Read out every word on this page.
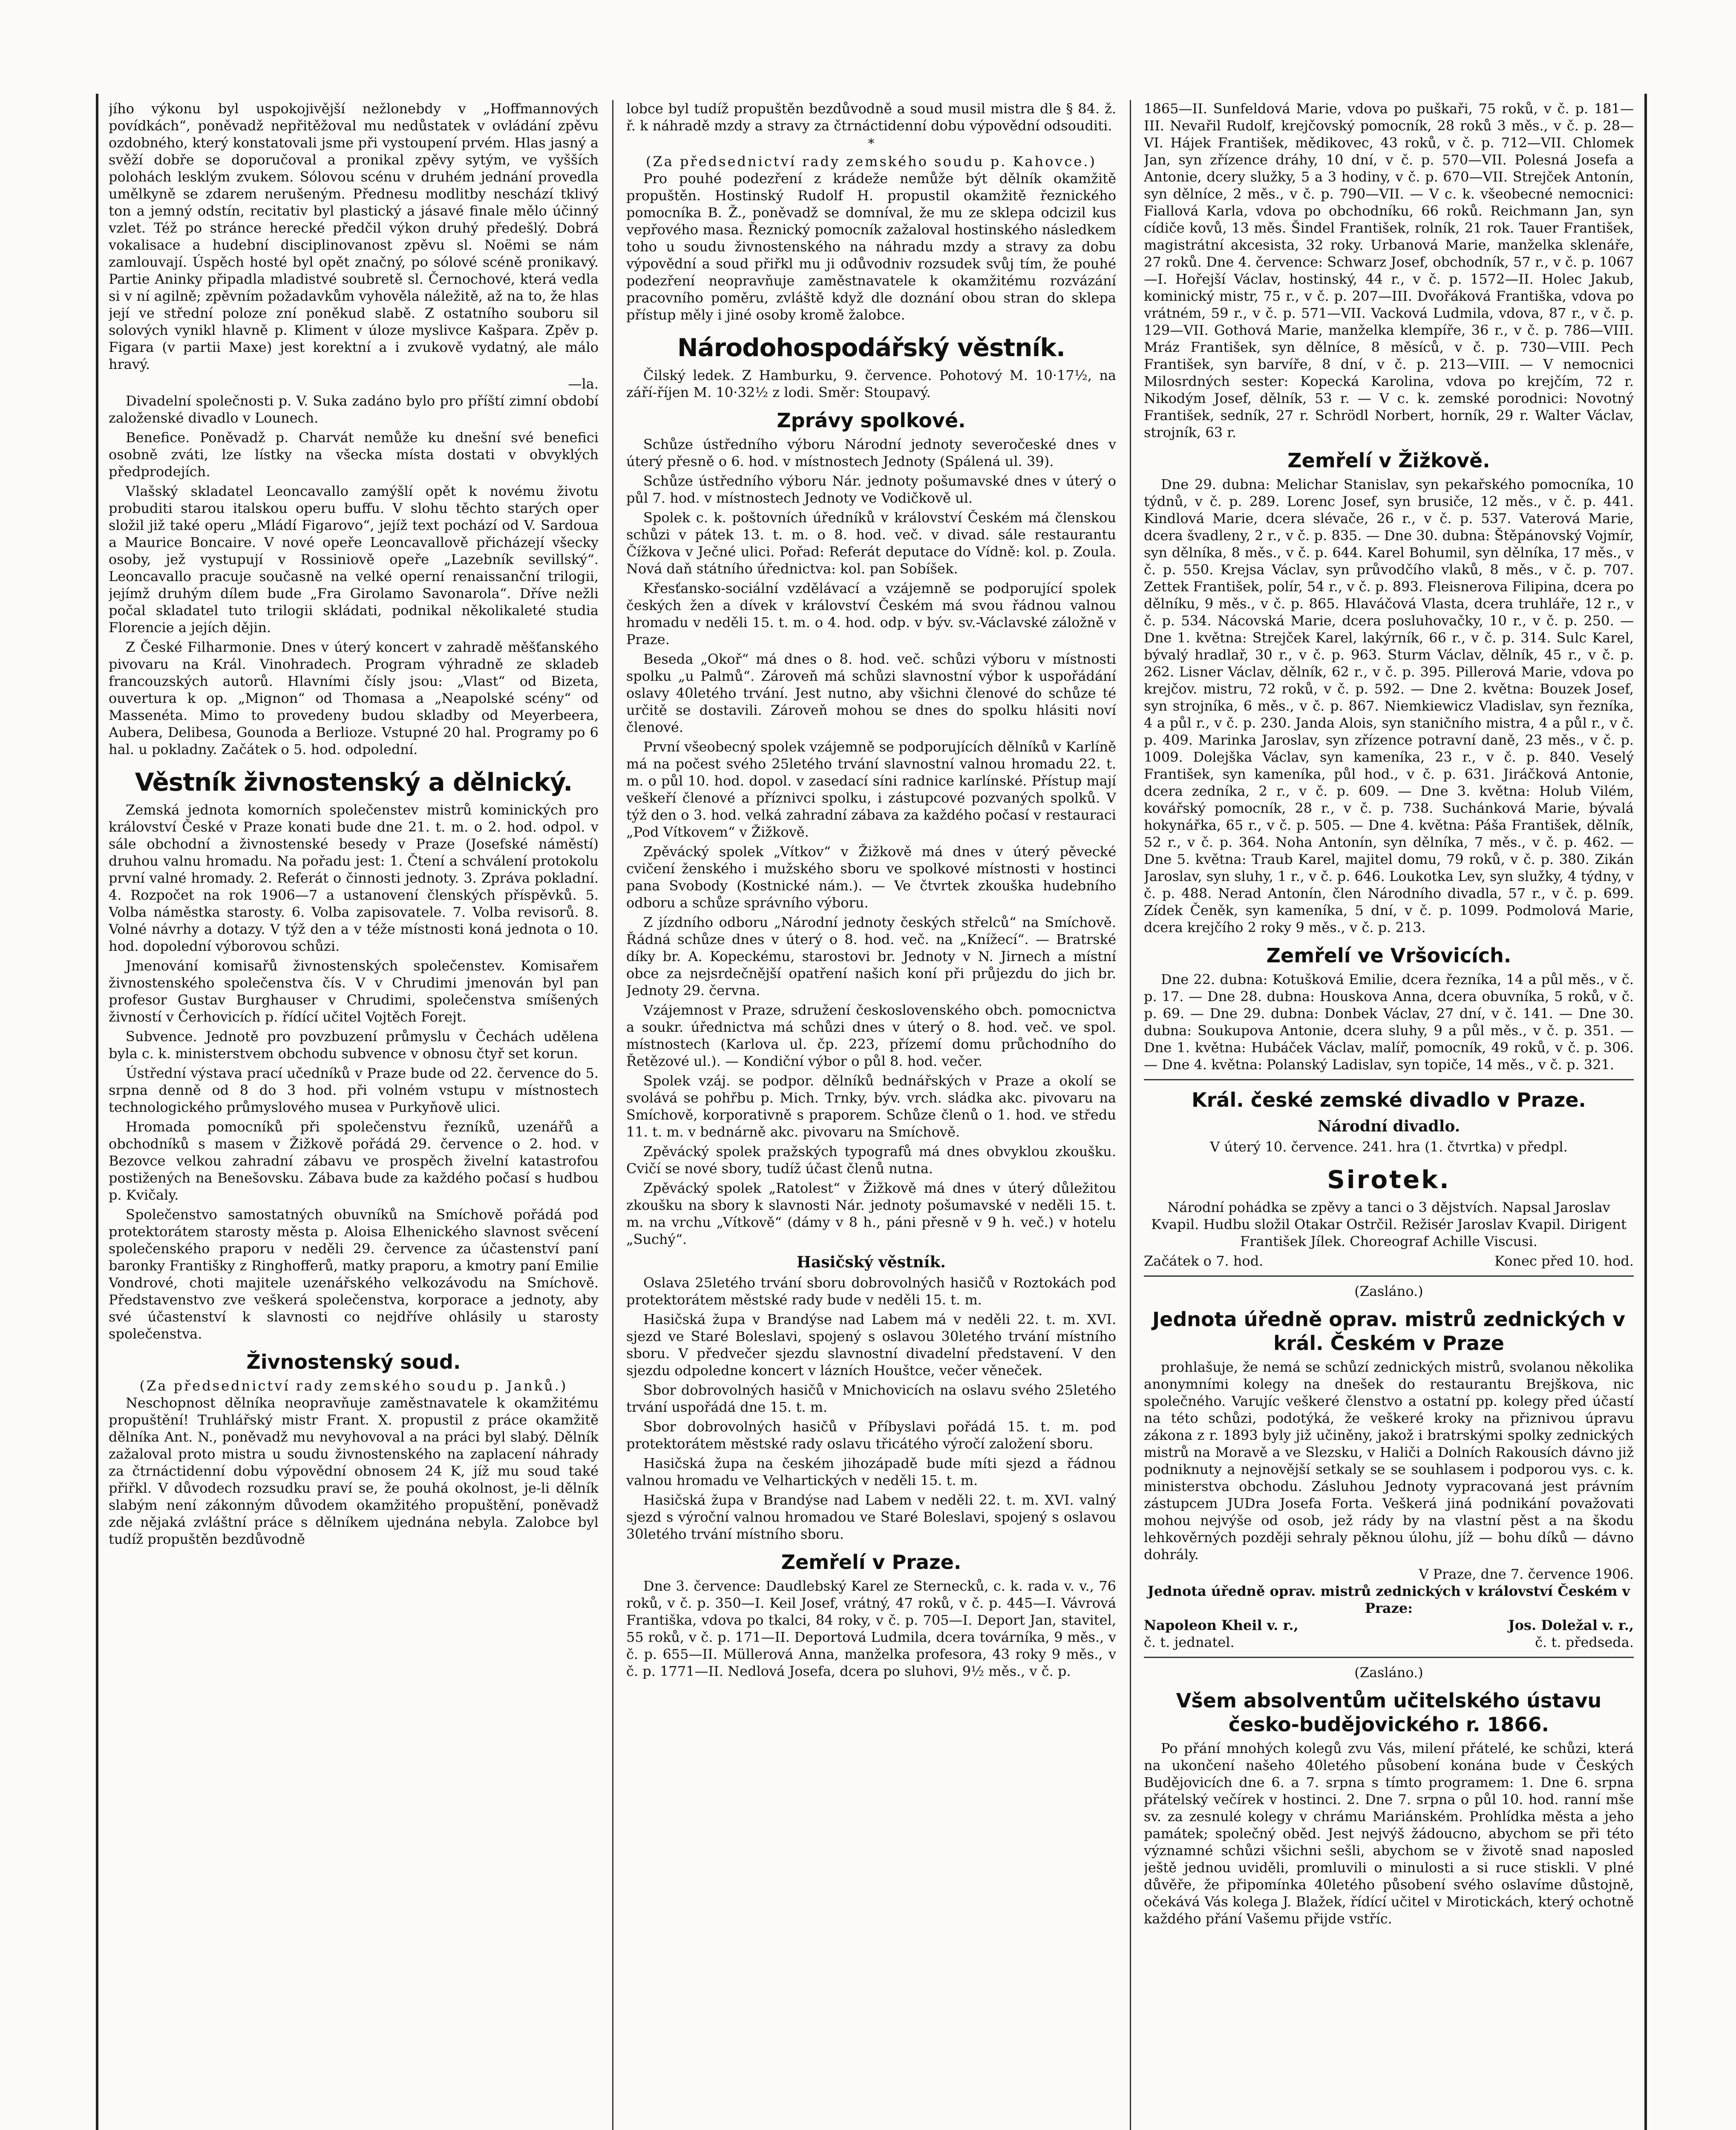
jího výkonu byl uspokojivější nežlonebdy v „Hoffmannových povídkách“, poněvadž nepřitěžoval mu nedůstatek v ovládání zpěvu ozdobného, který konstatovali jsme při vystoupení prvém. Hlas jasný a svěží dobře se doporučoval a pronikal zpěvy sytým, ve vyšších polohách lesklým zvukem. Sólovou scénu v druhém jednání provedla umělkyně se zdarem nerušeným. Přednesu modlitby neschází tklivý ton a jemný odstín, recitativ byl plastický a jásavé finale mělo účinný vzlet. Též po stránce herecké předčil výkon druhý předešlý. Dobrá vokalisace a hudební disciplinovanost zpěvu sl. Noëmi se nám zamlouvají. Úspěch hosté byl opět značný, po sólové scéně pronikavý. Partie Aninky připadla mladistvé soubretě sl. Černochové, která vedla si v ní agilně; zpěvním požadavkům vyhověla náležitě, až na to, že hlas její ve střední poloze zní poněkud slabě. Z ostatního souboru sil solových vynikl hlavně p. Kliment v úloze myslivce Kašpara. Zpěv p. Figara (v partii Maxe) jest korektní a i zvukově vydatný, ale málo hravý.

—la.

Divadelní společnosti p. V. Suka zadáno bylo pro příští zimní období založenské divadlo v Lounech.

Benefice. Poněvadž p. Charvát nemůže ku dnešní své benefici osobně zváti, lze lístky na všecka místa dostati v obvyklých předprodejích.

Vlašský skladatel Leoncavallo zamýšlí opět k novému životu probuditi starou italskou operu buffu. V slohu těchto starých oper složil již také operu „Mládí Figarovo“, jejíž text pochází od V. Sardoua a Maurice Boncaire. V nové opeře Leoncavallově přicházejí všecky osoby, jež vystupují v Rossiniově opeře „Lazebník sevillský“. Leoncavallo pracuje současně na velké operní renaissanční trilogii, jejímž druhým dílem bude „Fra Girolamo Savonarola“. Dříve nežli počal skladatel tuto trilogii skládati, podnikal několikaleté studia Florencie a jejích dějin.

Z České Filharmonie. Dnes v úterý koncert v zahradě měšťanského pivovaru na Král. Vinohradech. Program výhradně ze skladeb francouzských autorů. Hlavními čísly jsou: „Vlast“ od Bizeta, ouvertura k op. „Mignon“ od Thomasa a „Neapolské scény“ od Massenéta. Mimo to provedeny budou skladby od Meyerbeera, Aubera, Delibesa, Gounoda a Berlioze. Vstupné 20 hal. Programy po 6 hal. u pokladny. Začátek o 5. hod. odpolední.

Věstník živnostenský a dělnický.

Zemská jednota komorních společenstev mistrů kominických pro království České v Praze konati bude dne 21. t. m. o 2. hod. odpol. v sále obchodní a živnostenské besedy v Praze (Josefské náměstí) druhou valnu hromadu. Na pořadu jest: 1. Čtení a schválení protokolu první valné hromady. 2. Referát o činnosti jednoty. 3. Zpráva pokladní. 4. Rozpočet na rok 1906—7 a ustanovení členských příspěvků. 5. Volba náměstka starosty. 6. Volba zapisovatele. 7. Volba revisorů. 8. Volné návrhy a dotazy. V týž den a v téže místnosti koná jednota o 10. hod. dopolední výborovou schůzi.

Jmenování komisařů živnostenských společenstev. Komisařem živnostenského společenstva čís. V v Chrudimi jmenován byl pan profesor Gustav Burghauser v Chrudimi, společenstva smíšených živností v Čerhovicích p. řídící učitel Vojtěch Forejt.

Subvence. Jednotě pro povzbuzení průmyslu v Čechách udělena byla c. k. ministerstvem obchodu subvence v obnosu čtyř set korun.

Ústřední výstava prací učedníků v Praze bude od 22. července do 5. srpna denně od 8 do 3 hod. při volném vstupu v místnostech technologického průmyslového musea v Purkyňově ulici.

Hromada pomocníků při společenstvu řezníků, uzenářů a obchodníků s masem v Žižkově pořádá 29. července o 2. hod. v Bezovce velkou zahradní zábavu ve prospěch živelní katastrofou postižených na Benešovsku. Zábava bude za každého počasí s hudbou p. Kvičaly.

Společenstvo samostatných obuvníků na Smíchově pořádá pod protektorátem starosty města p. Aloisa Elhenického slavnost svěcení společenského praporu v neděli 29. července za účastenství paní baronky Františky z Ringhofferů, matky praporu, a kmotry paní Emilie Vondrové, choti majitele uzenářského velkozávodu na Smíchově. Představenstvo zve veškerá společenstva, korporace a jednoty, aby své účastenství k slavnosti co nejdříve ohlásily u starosty společenstva.

Živnostenský soud.
(Za předsednictví rady zemského soudu p. Janků.)

Neschopnost dělníka neopravňuje zaměstnavatele k okamžitému propuštění! Truhlářský mistr Frant. X. propustil z práce okamžitě dělníka Ant. N., poněvadž mu nevyhovoval a na práci byl slabý. Dělník zažaloval proto mistra u soudu živnostenského na zaplacení náhrady za čtrnáctidenní dobu výpovědní obnosem 24 K, jíž mu soud také přiřkl. V důvodech rozsudku praví se, že pouhá okolnost, je-li dělník slabým není zákonným důvodem okamžitého propuštění, poněvadž zde nějaká zvláštní práce s dělníkem ujednána nebyla. Zalobce byl tudíž propuštěn bezdůvodně

lobce byl tudíž propuštěn bezdůvodně a soud musil mistra dle § 84. ž. ř. k náhradě mzdy a stravy za čtrnáctidenní dobu výpovědní odsouditi.

*
(Za předsednictví rady zemského soudu p. Kahovce.)

Pro pouhé podezření z krádeže nemůže být dělník okamžitě propuštěn. Hostinský Rudolf H. propustil okamžitě řeznického pomocníka B. Ž., poněvadž se domníval, že mu ze sklepa odcizil kus vepřového masa. Řeznický pomocník zažaloval hostinského následkem toho u soudu živnostenského na náhradu mzdy a stravy za dobu výpovědní a soud přiřkl mu ji odůvodniv rozsudek svůj tím, že pouhé podezření neopravňuje zaměstnavatele k okamžitému rozvázání pracovního poměru, zvláště když dle doznání obou stran do sklepa přístup měly i jiné osoby kromě žalobce.

Národohospodářský věstník.

Čilský ledek. Z Hamburku, 9. července. Pohotový M. 10·17½, na září-říjen M. 10·32½ z lodi. Směr: Stoupavý.

Zprávy spolkové.

Schůze ústředního výboru Národní jednoty severočeské dnes v úterý přesně o 6. hod. v místnostech Jednoty (Spálená ul. 39).

Schůze ústředního výboru Nár. jednoty pošumavské dnes v úterý o půl 7. hod. v místnostech Jednoty ve Vodičkově ul.

Spolek c. k. poštovních úředníků v království Českém má členskou schůzi v pátek 13. t. m. o 8. hod. več. v divad. sále restaurantu Čížkova v Ječné ulici. Pořad: Referát deputace do Vídně: kol. p. Zoula. Nová daň státního úřednictva: kol. pan Sobíšek.

Křesťansko-sociální vzdělávací a vzájemně se podporující spolek českých žen a dívek v království Českém má svou řádnou valnou hromadu v neděli 15. t. m. o 4. hod. odp. v býv. sv.-Václavské záložně v Praze.

Beseda „Okoř“ má dnes o 8. hod. več. schůzi výboru v místnosti spolku „u Palmů“. Zároveň má schůzi slavnostní výbor k uspořádání oslavy 40letého trvání. Jest nutno, aby všichni členové do schůze té určitě se dostavili. Zároveň mohou se dnes do spolku hlásiti noví členové.

První všeobecný spolek vzájemně se podporujících dělníků v Karlíně má na počest svého 25letého trvání slavnostní valnou hromadu 22. t. m. o půl 10. hod. dopol. v zasedací síni radnice karlínské. Přístup mají veškeří členové a příznivci spolku, i zástupcové pozvaných spolků. V týž den o 3. hod. velká zahradní zábava za každého počasí v restauraci „Pod Vítkovem“ v Žižkově.

Zpěvácký spolek „Vítkov“ v Žižkově má dnes v úterý pěvecké cvičení ženského i mužského sboru ve spolkové místnosti v hostinci pana Svobody (Kostnické nám.). — Ve čtvrtek zkouška hudebního odboru a schůze správního výboru.

Z jízdního odboru „Národní jednoty českých střelců“ na Smíchově. Řádná schůze dnes v úterý o 8. hod. več. na „Knížecí“. — Bratrské díky br. A. Kopeckému, starostovi br. Jednoty v N. Jirnech a místní obce za nejsrdečnější opatření našich koní při průjezdu do jich br. Jednoty 29. června.

Vzájemnost v Praze, sdružení československého obch. pomocnictva a soukr. úřednictva má schůzi dnes v úterý o 8. hod. več. ve spol. místnostech (Karlova ul. čp. 223, přízemí domu průchodního do Řetězové ul.). — Kondiční výbor o půl 8. hod. večer.

Spolek vzáj. se podpor. dělníků bednářských v Praze a okolí se svolává se pohřbu p. Mich. Trnky, býv. vrch. sládka akc. pivovaru na Smíchově, korporativně s praporem. Schůze členů o 1. hod. ve středu 11. t. m. v bednárně akc. pivovaru na Smíchově.

Zpěvácký spolek pražských typografů má dnes obvyklou zkoušku. Cvičí se nové sbory, tudíž účast členů nutna.

Zpěvácký spolek „Ratolest“ v Žižkově má dnes v úterý důležitou zkoušku na sbory k slavnosti Nár. jednoty pošumavské v neděli 15. t. m. na vrchu „Vítkově“ (dámy v 8 h., páni přesně v 9 h. več.) v hotelu „Suchý“.

Hasičský věstník.

Oslava 25letého trvání sboru dobrovolných hasičů v Roztokách pod protektorátem městské rady bude v neděli 15. t. m.

Hasičská župa v Brandýse nad Labem má v neděli 22. t. m. XVI. sjezd ve Staré Boleslavi, spojený s oslavou 30letého trvání místního sboru. V předvečer sjezdu slavnostní divadelní představení. V den sjezdu odpoledne koncert v lázních Houštce, večer věneček.

Sbor dobrovolných hasičů v Mnichovicích na oslavu svého 25letého trvání uspořádá dne 15. t. m.

Sbor dobrovolných hasičů v Příbyslavi pořádá 15. t. m. pod protektorátem městské rady oslavu třicátého výročí založení sboru.

Hasičská župa na českém jihozápadě bude míti sjezd a řádnou valnou hromadu ve Velhartických v neděli 15. t. m.

Hasičská župa v Brandýse nad Labem v neděli 22. t. m. XVI. valný sjezd s výroční valnou hromadou ve Staré Boleslavi, spojený s oslavou 30letého trvání místního sboru.

Zemřelí v Praze.

Dne 3. července: Daudlebský Karel ze Sternecků, c. k. rada v. v., 76 roků, v č. p. 350—I. Keil Josef, vrátný, 47 roků, v č. p. 445—I. Vávrová Františka, vdova po tkalci, 84 roky, v č. p. 705—I. Deport Jan, stavitel, 55 roků, v č. p. 171—II. Deportová Ludmila, dcera továrníka, 9 měs., v č. p. 655—II. Müllerová Anna, manželka profesora, 43 roky 9 měs., v č. p. 1771—II. Nedlová Josefa, dcera po sluhovi, 9½ měs., v č. p.

1865—II. Sunfeldová Marie, vdova po puškaři, 75 roků, v č. p. 181—III. Nevařil Rudolf, krejčovský pomocník, 28 roků 3 měs., v č. p. 28—VI. Hájek František, mědikovec, 43 roků, v č. p. 712—VII. Chlomek Jan, syn zřízence dráhy, 10 dní, v č. p. 570—VII. Polesná Josefa a Antonie, dcery služky, 5 a 3 hodiny, v č. p. 670—VII. Strejček Antonín, syn dělníce, 2 měs., v č. p. 790—VII. — V c. k. všeobecné nemocnici: Fiallová Karla, vdova po obchodníku, 66 roků. Reichmann Jan, syn cídiče kovů, 13 měs. Šindel František, rolník, 21 rok. Tauer František, magistrátní akcesista, 32 roky. Urbanová Marie, manželka sklenáře, 27 roků. Dne 4. července: Schwarz Josef, obchodník, 57 r., v č. p. 1067—I. Hořejší Václav, hostinský, 44 r., v č. p. 1572—II. Holec Jakub, kominický mistr, 75 r., v č. p. 207—III. Dvořáková Františka, vdova po vrátném, 59 r., v č. p. 571—VII. Vacková Ludmila, vdova, 87 r., v č. p. 129—VII. Gothová Marie, manželka klempíře, 36 r., v č. p. 786—VIII. Mráz František, syn dělníce, 8 měsíců, v č. p. 730—VIII. Pech František, syn barvíře, 8 dní, v č. p. 213—VIII. — V nemocnici Milosrdných sester: Kopecká Karolina, vdova po krejčím, 72 r. Nikodým Josef, dělník, 53 r. — V c. k. zemské porodnici: Novotný František, sedník, 27 r. Schrödl Norbert, horník, 29 r. Walter Václav, strojník, 63 r.

Zemřelí v Žižkově.

Dne 29. dubna: Melichar Stanislav, syn pekařského pomocníka, 10 týdnů, v č. p. 289. Lorenc Josef, syn brusiče, 12 měs., v č. p. 441. Kindlová Marie, dcera slévače, 26 r., v č. p. 537. Vaterová Marie, dcera švadleny, 2 r., v č. p. 835. — Dne 30. dubna: Štěpánovský Vojmír, syn dělníka, 8 měs., v č. p. 644. Karel Bohumil, syn dělníka, 17 měs., v č. p. 550. Krejsa Václav, syn průvodčího vlaků, 8 měs., v č. p. 707. Zettek František, polír, 54 r., v č. p. 893. Fleisnerova Filipina, dcera po dělníku, 9 měs., v č. p. 865. Hlaváčová Vlasta, dcera truhláře, 12 r., v č. p. 534. Nácovská Marie, dcera posluhovačky, 10 r., v č. p. 250. — Dne 1. května: Strejček Karel, lakýrník, 66 r., v č. p. 314. Sulc Karel, bývalý hradlař, 30 r., v č. p. 963. Sturm Václav, dělník, 45 r., v č. p. 262. Lisner Václav, dělník, 62 r., v č. p. 395. Pillerová Marie, vdova po krejčov. mistru, 72 roků, v č. p. 592. — Dne 2. května: Bouzek Josef, syn strojníka, 6 měs., v č. p. 867. Niemkiewicz Vladislav, syn řezníka, 4 a půl r., v č. p. 230. Janda Alois, syn staničního mistra, 4 a půl r., v č. p. 409. Marinka Jaroslav, syn zřízence potravní daně, 23 měs., v č. p. 1009. Dolejška Václav, syn kameníka, 23 r., v č. p. 840. Veselý František, syn kameníka, půl hod., v č. p. 631. Jiráčková Antonie, dcera zedníka, 2 r., v č. p. 609. — Dne 3. května: Holub Vilém, kovářský pomocník, 28 r., v č. p. 738. Suchánková Marie, bývalá hokynářka, 65 r., v č. p. 505. — Dne 4. května: Páša František, dělník, 52 r., v č. p. 364. Noha Antonín, syn dělníka, 7 měs., v č. p. 462. — Dne 5. května: Traub Karel, majitel domu, 79 roků, v č. p. 380. Zikán Jaroslav, syn sluhy, 1 r., v č. p. 646. Loukotka Lev, syn služky, 4 týdny, v č. p. 488. Nerad Antonín, člen Národního divadla, 57 r., v č. p. 699. Zídek Čeněk, syn kameníka, 5 dní, v č. p. 1099. Podmolová Marie, dcera krejčího 2 roky 9 měs., v č. p. 213.

Zemřelí ve Vršovicích.

Dne 22. dubna: Kotušková Emilie, dcera řezníka, 14 a půl měs., v č. p. 17. — Dne 28. dubna: Houskova Anna, dcera obuvníka, 5 roků, v č. p. 69. — Dne 29. dubna: Donbek Václav, 27 dní, v č. 141. — Dne 30. dubna: Soukupova Antonie, dcera sluhy, 9 a půl měs., v č. p. 351. — Dne 1. května: Hubáček Václav, malíř, pomocník, 49 roků, v č. p. 306. — Dne 4. května: Polanský Ladislav, syn topiče, 14 měs., v č. p. 321.

Král. české zemské divadlo v Praze.
Národní divadlo.
V úterý 10. července. 241. hra (1. čtvrtka) v předpl.
Sirotek.

Národní pohádka se zpěvy a tanci o 3 dějstvích. Napsal Jaroslav Kvapil. Hudbu složil Otakar Ostrčil. Režisér Jaroslav Kvapil. Dirigent František Jílek. Choreograf Achille Viscusi.

Začátek o 7. hod.	Konec před 10. hod.
(Zasláno.)
Jednota úředně oprav. mistrů zednických v král. Českém v Praze

prohlašuje, že nemá se schůzí zednických mistrů, svolanou několika anonymními kolegy na dnešek do restaurantu Brejškova, nic společného. Varujíc veškeré členstvo a ostatní pp. kolegy před účastí na této schůzi, podotýká, že veškeré kroky na přiznivou úpravu zákona z r. 1893 byly již učiněny, jakož i bratrskými spolky zednických mistrů na Moravě a ve Slezsku, v Haliči a Dolních Rakousích dávno již podniknuty a nejnovější setkaly se se souhlasem i podporou vys. c. k. ministerstva obchodu. Zásluhou Jednoty vypracovaná jest právním zástupcem JUDra Josefa Forta. Veškerá jiná podnikání považovati mohou nejvýše od osob, jež rády by na vlastní pěst a na škodu lehkověrných později sehraly pěknou úlohu, jíž — bohu díků — dávno dohrály.

V Praze, dne 7. července 1906.
Jednota úředně oprav. mistrů zednických v království Českém v Praze:
Napoleon Kheil v. r.,	Jos. Doležal v. r.,
č. t. jednatel.	č. t. předseda.
(Zasláno.)
Všem absolventům učitelského ústavu česko-budějovického r. 1866.

Po přání mnohých kolegů zvu Vás, milení přátelé, ke schůzi, která na ukončení našeho 40letého působení konána bude v Českých Budějovicích dne 6. a 7. srpna s tímto programem: 1. Dne 6. srpna přátelský večírek v hostinci. 2. Dne 7. srpna o půl 10. hod. ranní mše sv. za zesnulé kolegy v chrámu Mariánském. Prohlídka města a jeho památek; společný oběd. Jest nejvýš žádoucno, abychom se při této významné schůzi všichni sešli, abychom se v životě snad naposled ještě jednou uviděli, promluvili o minulosti a si ruce stiskli. V plné důvěře, že připomínka 40letého působení svého oslavíme důstojně, očekává Vás kolega J. Blažek, řídící učitel v Mirotickách, který ochotně každého přání Vašemu přijde vstříc.
